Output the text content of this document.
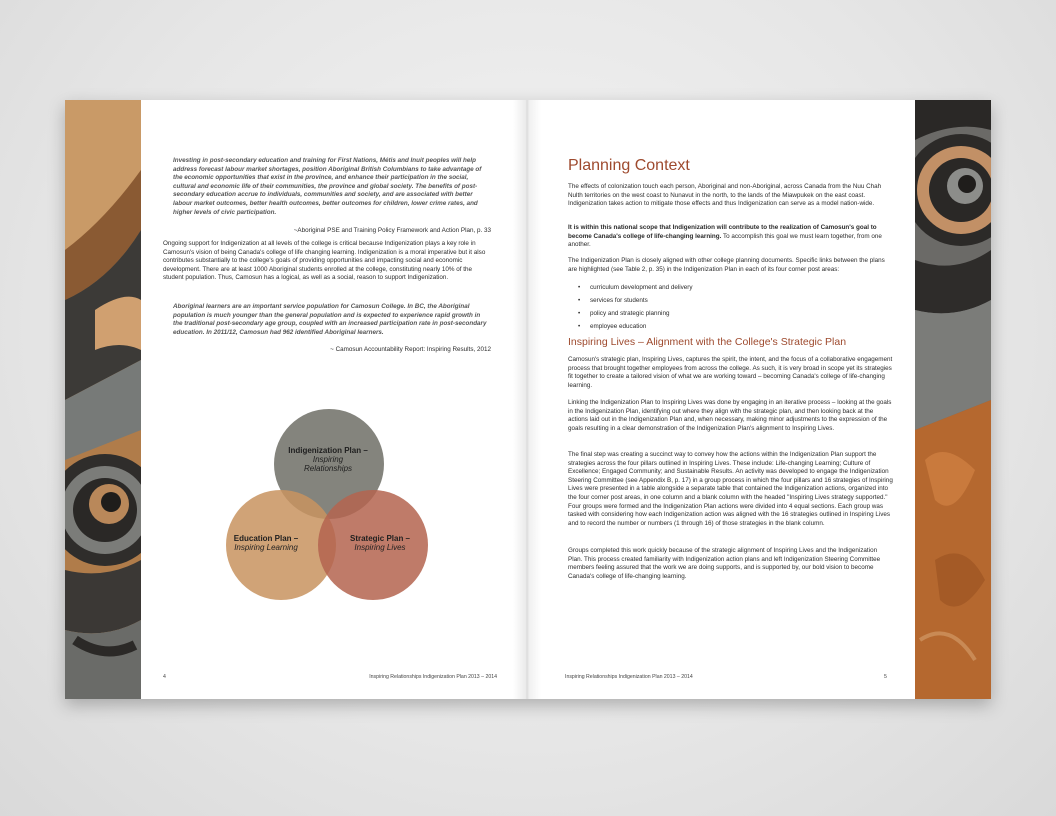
Investing in post-secondary education and training for First Nations, Métis and Inuit peoples will help address forecast labour market shortages, position Aboriginal British Columbians to take advantage of the economic opportunities that exist in the province, and enhance their participation in the social, cultural and economic life of their communities, the province and global society. The benefits of post-secondary education accrue to individuals, communities and society, and are associated with better labour market outcomes, better health outcomes, better outcomes for children, lower crime rates, and higher levels of civic participation.
~Aboriginal PSE and Training Policy Framework and Action Plan, p. 33
Ongoing support for Indigenization at all levels of the college is critical because Indigenization plays a key role in Camosun's vision of being Canada's college of life changing learning. Indigenization is a moral imperative but it also contributes substantially to the college's goals of providing opportunities and impacting social and economic development. There are at least 1000 Aboriginal students enrolled at the college, constituting nearly 10% of the student population. Thus, Camosun has a logical, as well as a social, reason to support Indigenization.
Aboriginal learners are an important service population for Camosun College. In BC, the Aboriginal population is much younger than the general population and is expected to experience rapid growth in the traditional post-secondary age group, coupled with an increased participation rate in post-secondary education. In 2011/12, Camosun had 962 identified Aboriginal learners.
~ Camosun Accountability Report: Inspiring Results, 2012
Indigenization Plan –
Inspiring
Relationships
Education Plan –
Inspiring Learning
Strategic Plan –
Inspiring Lives
4	Inspiring Relationships Indigenization Plan 2013 – 2014
Planning Context
The effects of colonization touch each person, Aboriginal and non-Aboriginal, across Canada from the Nuu Chah Nulth territories on the west coast to Nunavut in the north, to the lands of the Miawpukek on the east coast. Indigenization takes action to mitigate those effects and thus Indigenization can serve as a model nation-wide.
It is within this national scope that Indigenization will contribute to the realization of Camosun's goal to become Canada's college of life-changing learning. To accomplish this goal we must learn together, from one another.
The Indigenization Plan is closely aligned with other college planning documents. Specific links between the plans are highlighted (see Table 2, p. 35) in the Indigenization Plan in each of its four corner post areas:
• curriculum development and delivery
• services for students
• policy and strategic planning
• employee education
Inspiring Lives – Alignment with the College's Strategic Plan
Camosun's strategic plan, Inspiring Lives, captures the spirit, the intent, and the focus of a collaborative engagement process that brought together employees from across the college. As such, it is very broad in scope yet its strategies fit together to create a tailored vision of what we are working toward – becoming Canada's college of life-changing learning.
Linking the Indigenization Plan to Inspiring Lives was done by engaging in an iterative process – looking at the goals in the Indigenization Plan, identifying out where they align with the strategic plan, and then looking back at the actions laid out in the Indigenization Plan and, when necessary, making minor adjustments to the expression of the goals resulting in a clear demonstration of the Indigenization Plan's alignment to Inspiring Lives.
The final step was creating a succinct way to convey how the actions within the Indigenization Plan support the strategies across the four pillars outlined in Inspiring Lives. These include: Life-changing Learning; Culture of Excellence; Engaged Community; and Sustainable Results. An activity was developed to engage the Indigenization Steering Committee (see Appendix B, p. 17) in a group process in which the four pillars and 16 strategies of Inspiring Lives were presented in a table alongside a separate table that contained the Indigenization actions, organized into the four corner post areas, in one column and a blank column with the headed "Inspiring Lives strategy supported." Four groups were formed and the Indigenization Plan actions were divided into 4 equal sections. Each group was tasked with considering how each Indigenization action was aligned with the 16 strategies outlined in Inspiring Lives and to record the number or numbers (1 through 16) of those strategies in the blank column.
Groups completed this work quickly because of the strategic alignment of Inspiring Lives and the Indigenization Plan. This process created familiarity with Indigenization action plans and left Indigenization Steering Committee members feeling assured that the work we are doing supports, and is supported by, our bold vision to become Canada's college of life-changing learning.
Inspiring Relationships Indigenization Plan 2013 – 2014	5
